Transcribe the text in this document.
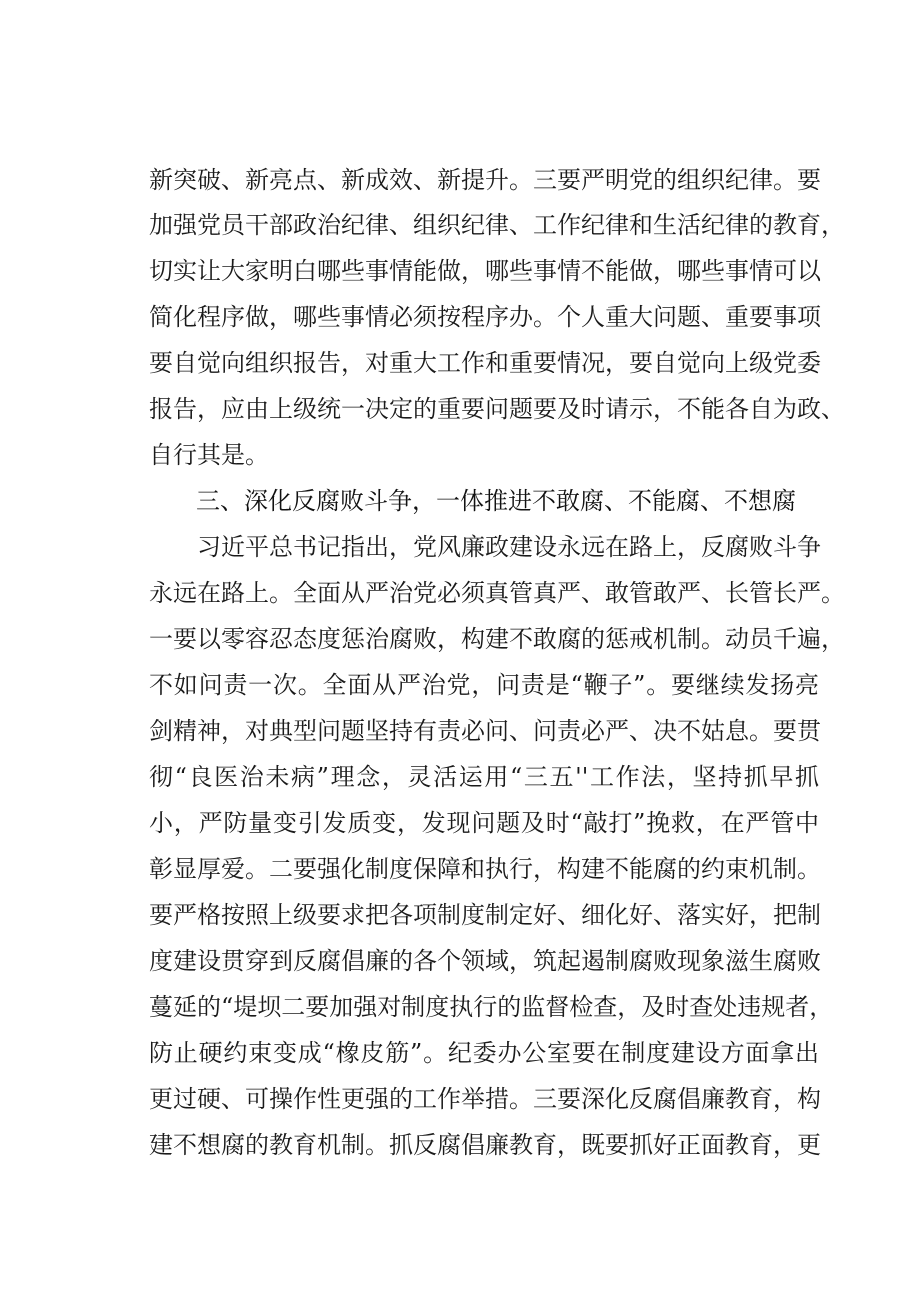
新突破、新亮点、新成效、新提升。三要严明党的组织纪律。要
加强党员干部政治纪律、组织纪律、工作纪律和生活纪律的教育，
切实让大家明白哪些事情能做，哪些事情不能做，哪些事情可以
简化程序做，哪些事情必须按程序办。个人重大问题、重要事项
要自觉向组织报告，对重大工作和重要情况，要自觉向上级党委
报告，应由上级统一决定的重要问题要及时请示，不能各自为政、
自行其是。
三、深化反腐败斗争，一体推进不敢腐、不能腐、不想腐
习近平总书记指出，党风廉政建设永远在路上，反腐败斗争
永远在路上。全面从严治党必须真管真严、敢管敢严、长管长严。
一要以零容忍态度惩治腐败，构建不敢腐的惩戒机制。动员千遍，
不如问责一次。全面从严治党，问责是“鞭子”。要继续发扬亮
剑精神，对典型问题坚持有责必问、问责必严、决不姑息。要贯
彻“良医治未病”理念，灵活运用“三五''工作法，坚持抓早抓
小，严防量变引发质变，发现问题及时“敲打”挽救，在严管中
彰显厚爱。二要强化制度保障和执行，构建不能腐的约束机制。
要严格按照上级要求把各项制度制定好、细化好、落实好，把制
度建设贯穿到反腐倡廉的各个领域，筑起遏制腐败现象滋生腐败
蔓延的“堤坝二要加强对制度执行的监督检查，及时查处违规者，
防止硬约束变成“橡皮筋”。纪委办公室要在制度建设方面拿出
更过硬、可操作性更强的工作举措。三要深化反腐倡廉教育，构
建不想腐的教育机制。抓反腐倡廉教育，既要抓好正面教育，更
